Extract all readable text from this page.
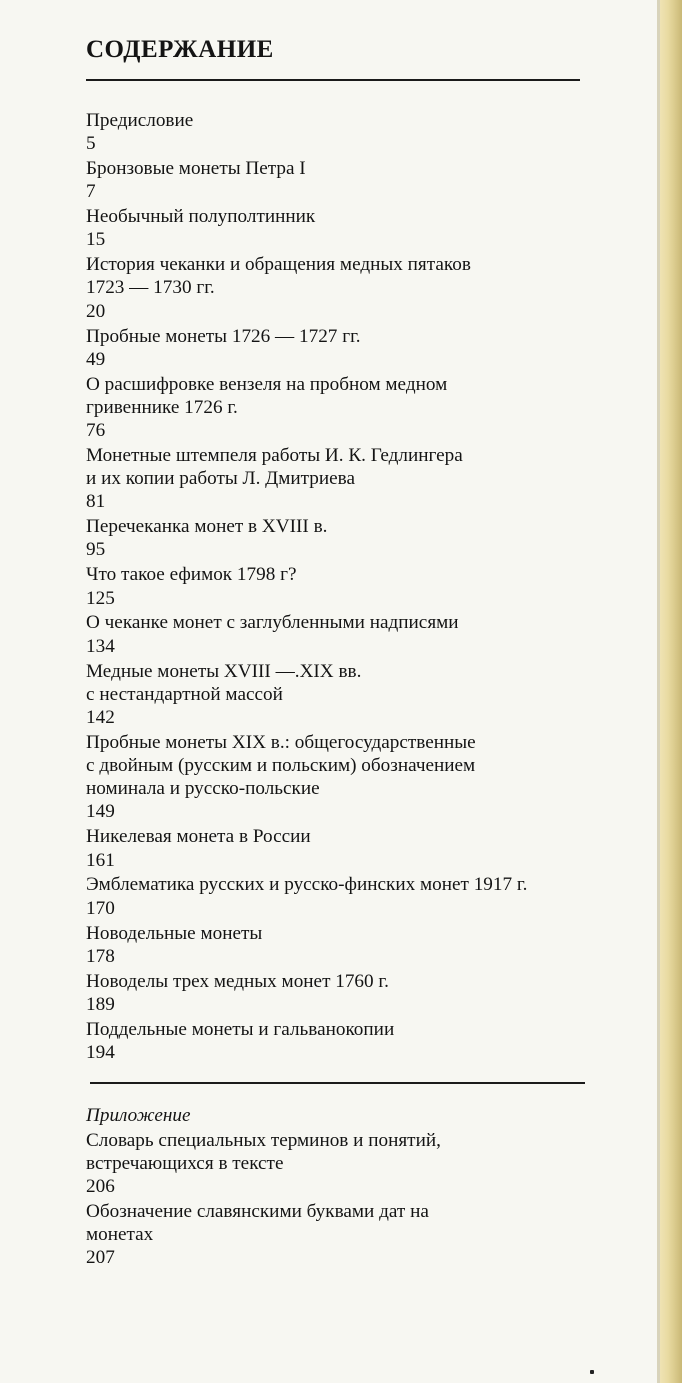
СОДЕРЖАНИЕ
Предисловие
5
Бронзовые монеты Петра I
7
Необычный полуполтинник
15
История чеканки и обращения медных пятаков
1723 — 1730 гг.
20
Пробные монеты 1726 — 1727 гг.
49
О расшифровке вензеля на пробном медном
гривеннике 1726 г.
76
Монетные штемпеля работы И. К. Гедлингера
и их копии работы Л. Дмитриева
81
Перечеканка монет в XVIII в.
95
Что такое ефимок 1798 г?
125
О чеканке монет с заглубленными надписями
134
Медные монеты XVIII —.XIX вв.
с нестандартной массой
142
Пробные монеты XIX в.: общегосударственные
с двойным (русским и польским) обозначением
номинала и русско-польские
149
Никелевая монета в России
161
Эмблематика русских и русско-финских монет 1917 г.
170
Новодельные монеты
178
Новоделы трех медных монет 1760 г.
189
Поддельные монеты и гальванокопии
194
Приложение
Словарь специальных терминов и понятий,
встречающихся в тексте
206
Обозначение славянскими буквами дат на
монетах
207
